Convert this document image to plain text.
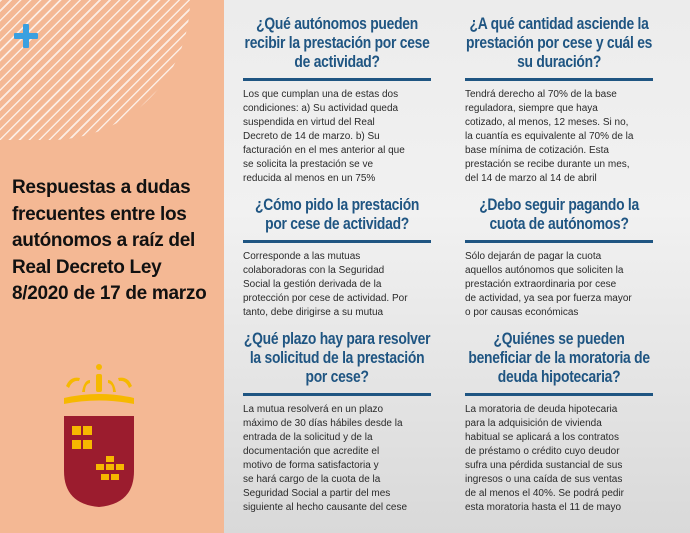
Respuestas a dudas frecuentes entre los autónomos a raíz del Real Decreto Ley 8/2020 de 17 de marzo
¿Qué autónomos pueden recibir la prestación por cese de actividad?
Los que cumplan una de estas dos
condiciones: a) Su actividad queda
suspendida en virtud del Real
Decreto de 14 de marzo. b) Su
facturación en el mes anterior al que
se solicita la prestación se ve
reducida al menos en un 75%
¿A qué cantidad asciende la prestación por cese y cuál es su duración?
Tendrá derecho al 70% de la base
reguladora, siempre que haya
cotizado, al menos, 12 meses. Si no,
la cuantía es equivalente al 70% de la
base mínima de cotización. Esta
prestación se recibe durante un mes,
del 14 de marzo al 14 de abril
¿Cómo pido la prestación por cese de actividad?
Corresponde a las mutuas
colaboradoras con la Seguridad
Social la gestión derivada de la
protección por cese de actividad. Por
tanto, debe dirigirse a su mutua
¿Debo seguir pagando la cuota de autónomos?
Sólo dejarán de pagar la cuota
aquellos autónomos que soliciten la
prestación extraordinaria por cese
de actividad, ya sea por fuerza mayor
o por causas económicas
¿Qué plazo hay para resolver la solicitud de la prestación por cese?
La mutua resolverá en un plazo
máximo de 30 días hábiles desde la
entrada de la solicitud y de la
documentación que acredite el
motivo de forma satisfactoria y
se hará cargo de la cuota de la
Seguridad Social a partir del mes
siguiente al hecho causante del cese
¿Quiénes se pueden beneficiar de la moratoria de deuda hipotecaria?
La moratoria de deuda hipotecaria
para la adquisición de vivienda
habitual se aplicará a los contratos
de préstamo o crédito cuyo deudor
sufra una pérdida sustancial de sus
ingresos o una caída de sus ventas
de al menos el 40%. Se podrá pedir
esta moratoria hasta el 11 de mayo
